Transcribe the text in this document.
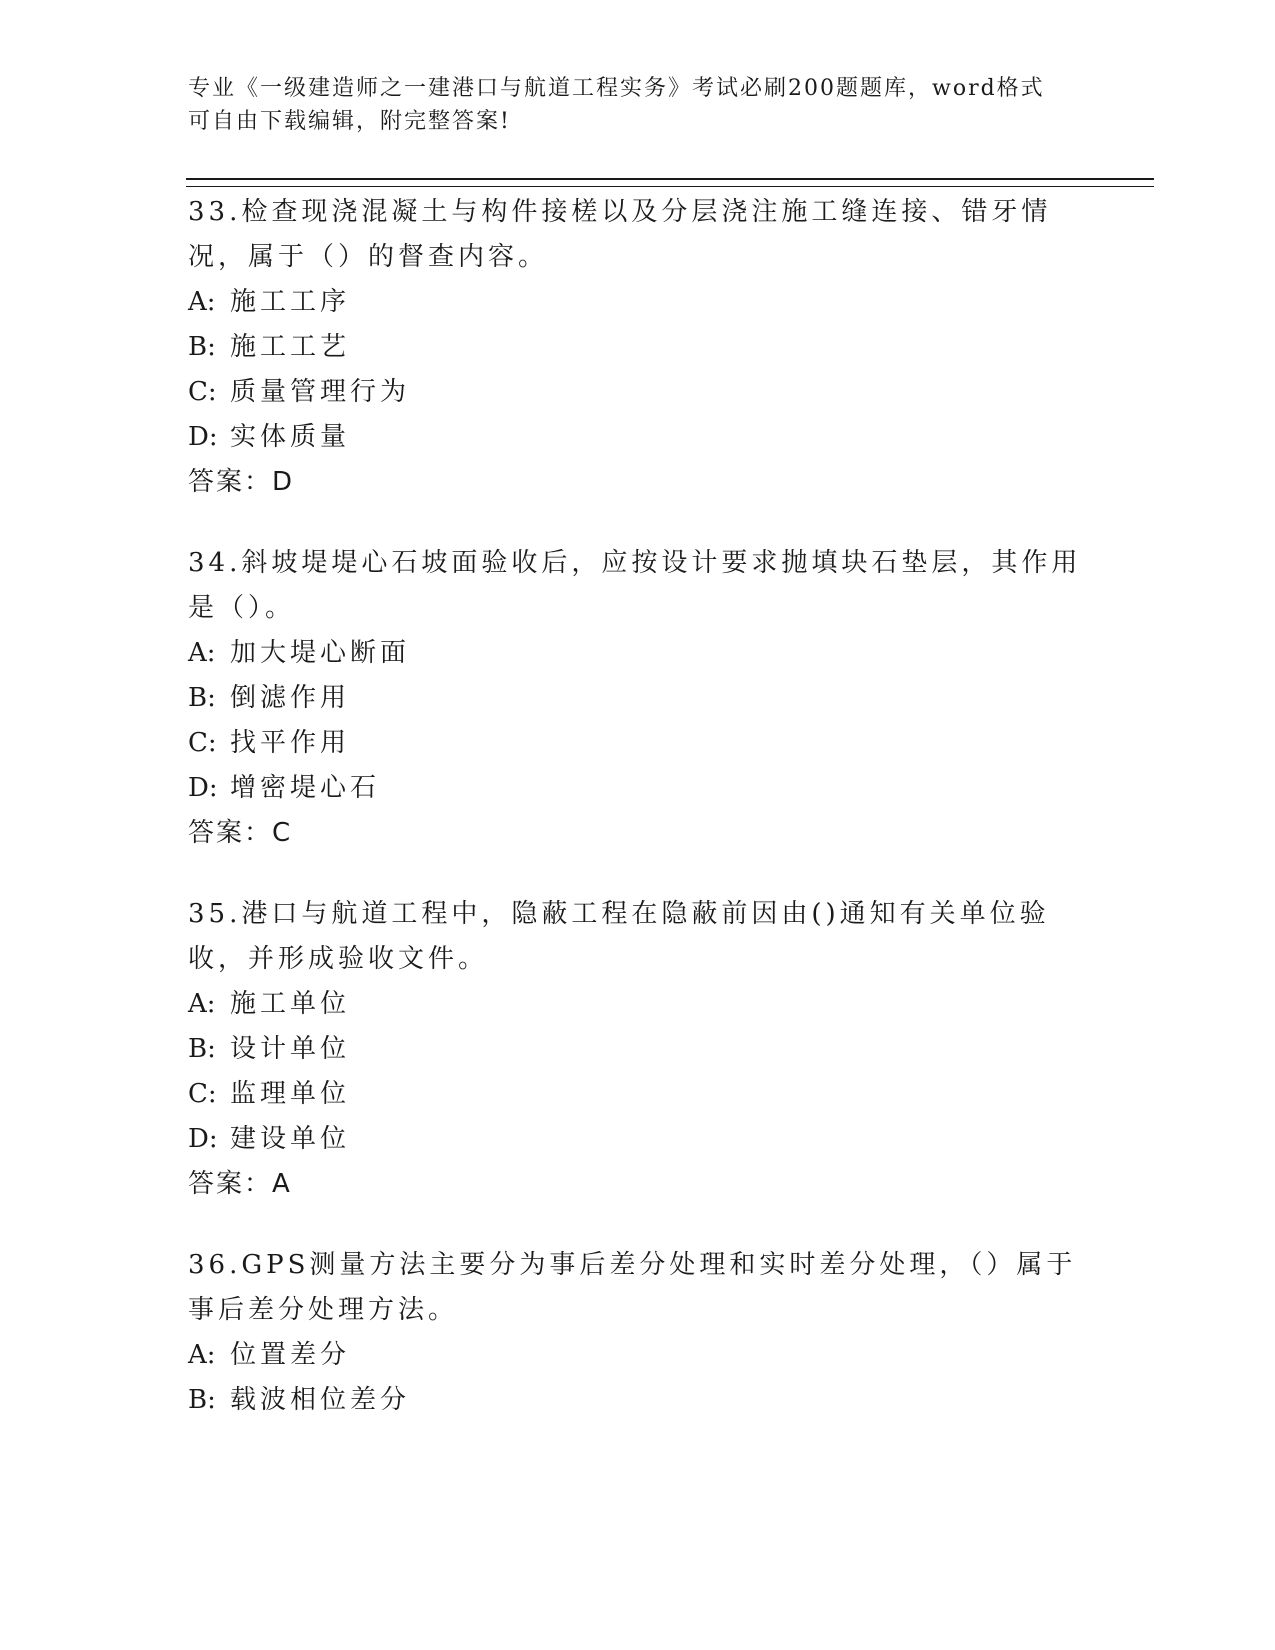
专业《一级建造师之一建港口与航道工程实务》考试必刷200题题库，word格式
可自由下载编辑，附完整答案!
33.检查现浇混凝土与构件接槎以及分层浇注施工缝连接、错牙情况，属于（）的督查内容。
A: 施工工序
B: 施工工艺
C: 质量管理行为
D: 实体质量
答案：D
34.斜坡堤堤心石坡面验收后，应按设计要求抛填块石垫层，其作用是（）。
A: 加大堤心断面
B: 倒滤作用
C: 找平作用
D: 增密堤心石
答案：C
35.港口与航道工程中，隐蔽工程在隐蔽前因由()通知有关单位验收，并形成验收文件。
A: 施工单位
B: 设计单位
C: 监理单位
D: 建设单位
答案：A
36.GPS测量方法主要分为事后差分处理和实时差分处理，（）属于事后差分处理方法。
A: 位置差分
B: 载波相位差分
